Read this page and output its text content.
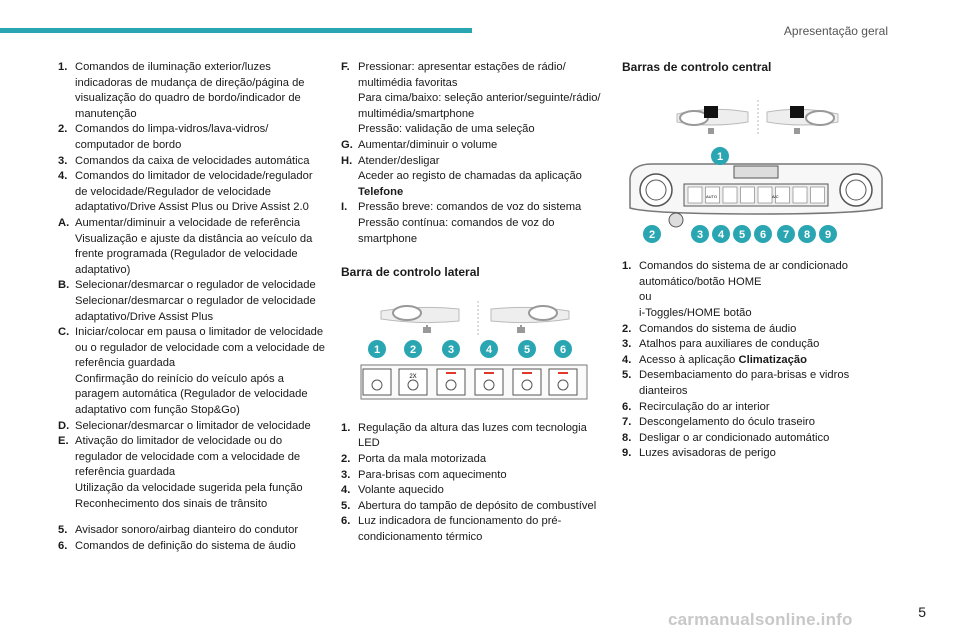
Apresentação geral
1. Comandos de iluminação exterior/luzes indicadoras de mudança de direção/página de visualização do quadro de bordo/indicador de manutenção
2. Comandos do limpa-vidros/lava-vidros/ computador de bordo
3. Comandos da caixa de velocidades automática
4. Comandos do limitador de velocidade/regulador de velocidade/Regulador de velocidade adaptativo/Drive Assist Plus ou Drive Assist 2.0
A. Aumentar/diminuir a velocidade de referência
Visualização e ajuste da distância ao veículo da frente programada (Regulador de velocidade adaptativo)
B. Selecionar/desmarcar o regulador de velocidade
Selecionar/desmarcar o regulador de velocidade adaptativo/Drive Assist Plus
C. Iniciar/colocar em pausa o limitador de velocidade ou o regulador de velocidade com a velocidade de referência guardada
Confirmação do reinício do veículo após a paragem automática (Regulador de velocidade adaptativo com função Stop&Go)
D. Selecionar/desmarcar o limitador de velocidade
E. Ativação do limitador de velocidade ou do regulador de velocidade com a velocidade de referência guardada
Utilização da velocidade sugerida pela função Reconhecimento dos sinais de trânsito
5. Avisador sonoro/airbag dianteiro do condutor
6. Comandos de definição do sistema de áudio
F. Pressionar: apresentar estações de rádio/ multimédia favoritas
Para cima/baixo: seleção anterior/seguinte/rádio/ multimédia/smartphone
Pressão: validação de uma seleção
G. Aumentar/diminuir o volume
H. Atender/desligar
Aceder ao registo de chamadas da aplicação
Telefone
I. Pressão breve: comandos de voz do sistema
Pressão contínua: comandos de voz do smartphone
Barra de controlo lateral
1	2	3	4	5	6
2X
1. Regulação da altura das luzes com tecnologia LED
2. Porta da mala motorizada
3. Para-brisas com aquecimento
4. Volante aquecido
5. Abertura do tampão de depósito de combustível
6. Luz indicadora de funcionamento do pré-condicionamento térmico
Barras de controlo central
AUTO	A/C
1
2	3 4 5 6 7 8 9
1. Comandos do sistema de ar condicionado automático/botão HOME
ou
i-Toggles/HOME botão
2. Comandos do sistema de áudio
3. Atalhos para auxiliares de condução
4. Acesso à aplicação Climatização
5. Desembaciamento do para-brisas e vidros dianteiros
6. Recirculação do ar interior
7. Descongelamento do óculo traseiro
8. Desligar o ar condicionado automático
9. Luzes avisadoras de perigo
5
carmanualsonline.info
